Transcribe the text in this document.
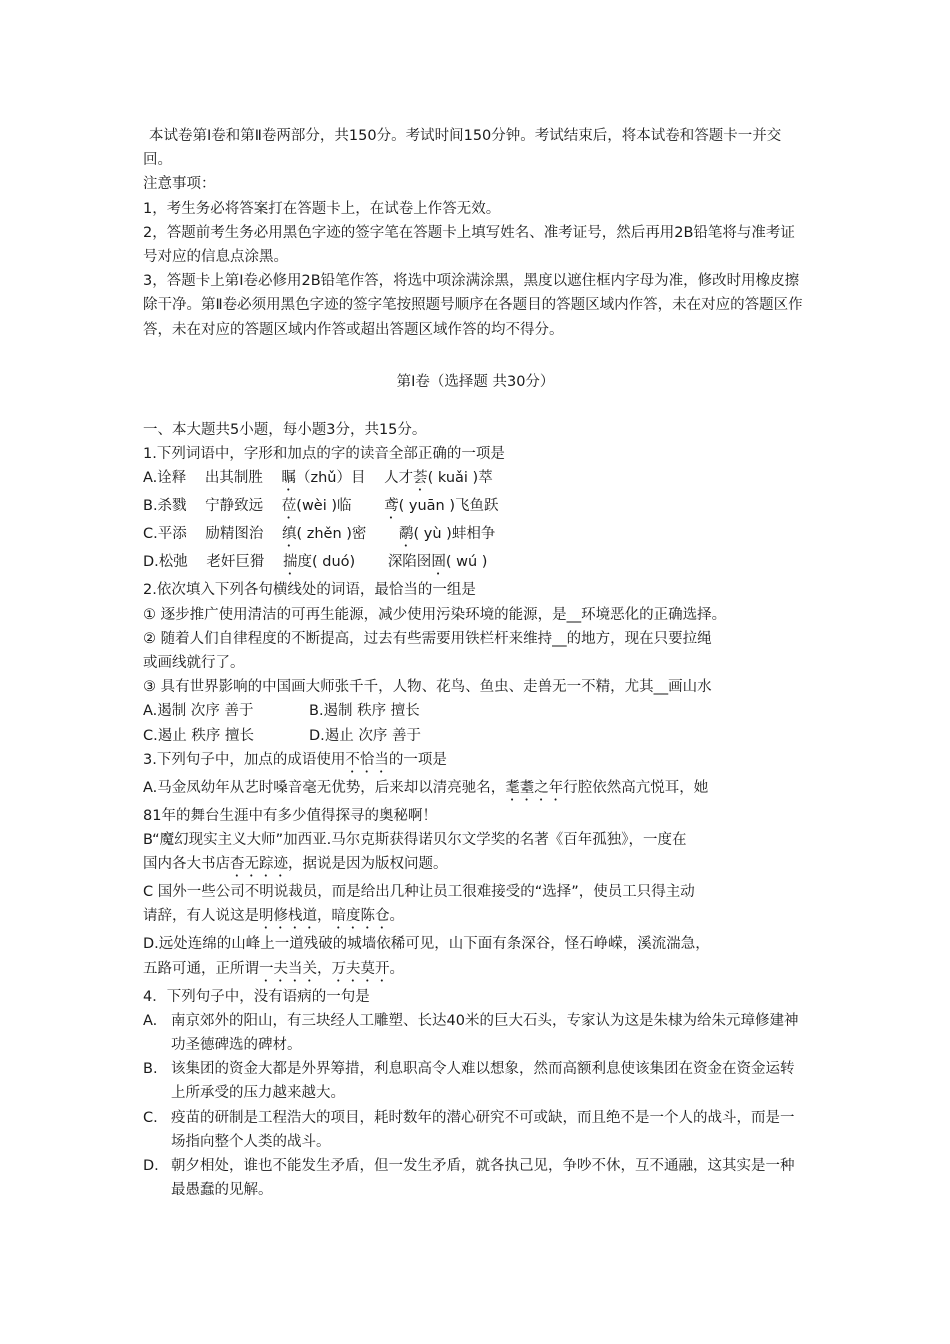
本试卷第Ⅰ卷和第Ⅱ卷两部分，共150分。考试时间150分钟。考试结束后，将本试卷和答题卡一并交回。

注意事项：

1，考生务必将答案打在答题卡上，在试卷上作答无效。

2，答题前考生务必用黑色字迹的签字笔在答题卡上填写姓名、准考证号，然后再用2B铅笔将与准考证号对应的信息点涂黑。

3，答题卡上第Ⅰ卷必修用2B铅笔作答，将选中项涂满涂黑，黑度以遮住框内字母为准，修改时用橡皮擦除干净。第Ⅱ卷必须用黑色字迹的签字笔按照题号顺序在各题目的答题区域内作答，未在对应的答题区作答，未在对应的答题区域内作答或超出答题区域作答的均不得分。

第Ⅰ卷（选择题 共30分）

一、本大题共5小题，每小题3分，共15分。

1.下列词语中，字形和加点的字的读音全部正确的一项是

A.诠释 出其制胜 瞩（zhǔ）目 人才荟( kuǎi )萃

B.杀戮 宁静致远 莅(wèi )临 鸢( yuān )飞鱼跃

C.平添 励精图治 缜( zhěn )密 鹬( yù )蚌相争

D.松弛 老奸巨猾 揣度( duó) 深陷囹圄( wú )

2.依次填入下列各句横线处的词语，最恰当的一组是

① 逐步推广使用清洁的可再生能源，减少使用污染环境的能源，是__环境恶化的正确选择。

② 随着人们自律程度的不断提高，过去有些需要用铁栏杆来维持__的地方，现在只要拉绳

或画线就行了。

③ 具有世界影响的中国画大师张千千，人物、花鸟、鱼虫、走兽无一不精，尤其__画山水

A.遏制 次序 善于	B.遏制 秩序 擅长

C.遏止 秩序 擅长	D.遏止 次序 善于

3.下列句子中，加点的成语使用不恰当的一项是

A.马金凤幼年从艺时嗓音毫无优势，后来却以清亮驰名，耄耋之年行腔依然高亢悦耳，她

81年的舞台生涯中有多少值得探寻的奥秘啊！

B“魔幻现实主义大师”加西亚.马尔克斯获得诺贝尔文学奖的名著《百年孤独》，一度在

国内各大书店杳无踪迹，据说是因为版权问题。

C 国外一些公司不明说裁员，而是给出几种让员工很难接受的“选择”，使员工只得主动

请辞，有人说这是明修栈道，暗度陈仓。

D.远处连绵的山峰上一道残破的城墙依稀可见，山下面有条深谷，怪石峥嵘，溪流湍急，

五路可通，正所谓一夫当关，万夫莫开。

4．下列句子中，没有语病的一句是

A. 南京郊外的阳山，有三块经人工雕塑、长达40米的巨大石头，专家认为这是朱棣为给朱元璋修建神功圣德碑选的碑材。
B. 该集团的资金大都是外界筹措，利息职高令人难以想象，然而高额利息使该集团在资金在资金运转上所承受的压力越来越大。
C. 疫苗的研制是工程浩大的项目，耗时数年的潜心研究不可或缺，而且绝不是一个人的战斗，而是一场指向整个人类的战斗。
D. 朝夕相处，谁也不能发生矛盾，但一发生矛盾，就各执己见，争吵不休，互不通融，这其实是一种最愚蠢的见解。
